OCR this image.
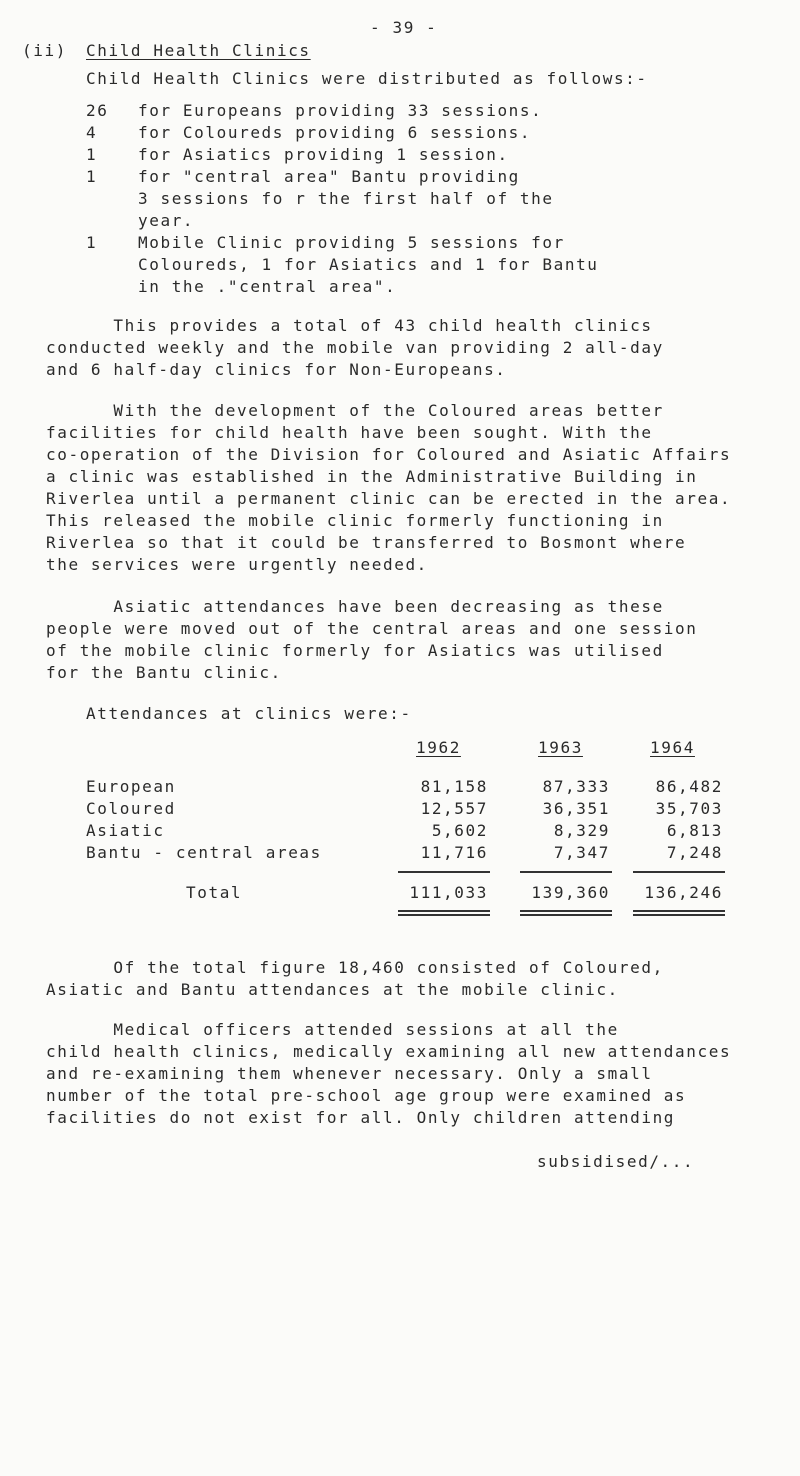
- 39 -
(ii) Child Health Clinics
Child Health Clinics were distributed as follows:-
26 for Europeans providing 33 sessions.
4	for Coloureds providing 6 sessions.
1	for Asiatics providing 1 session.
1	for "central area" Bantu providing
3 sessions fo r the first half of the
year.
1	Mobile Clinic providing 5 sessions for
Coloureds, 1 for Asiatics and 1 for Bantu
in the ."central area".
This provides a total of 43 child health clinics
conducted weekly and the mobile van providing 2 all-day
and 6 half-day clinics for Non-Europeans.
With the development of the Coloured areas better
facilities for child health have been sought. With the
co-operation of the Division for Coloured and Asiatic Affairs
a clinic was established in the Administrative Building in
Riverlea until a permanent clinic can be erected in the area.
This released the mobile clinic formerly functioning in
Riverlea so that it could be transferred to Bosmont where
the services were urgently needed.
Asiatic attendances have been decreasing as these
people were moved out of the central areas and one session
of the mobile clinic formerly for Asiatics was utilised
for the Bantu clinic.
Attendances at clinics were:-
1962	1963	1964
European	81,158	87,333	86,482
Coloured	12,557	36,351	35,703
Asiatic	5,602	8,329	6,813
Bantu - central areas	11,716	7,347	7,248
Total	111,033	139,360	136,246
Of the total figure 18,460 consisted of Coloured,
Asiatic and Bantu attendances at the mobile clinic.
Medical officers attended sessions at all the
child health clinics, medically examining all new attendances
and re-examining them whenever necessary. Only a small
number of the total pre-school age group were examined as
facilities do not exist for all. Only children attending
subsidised/...
